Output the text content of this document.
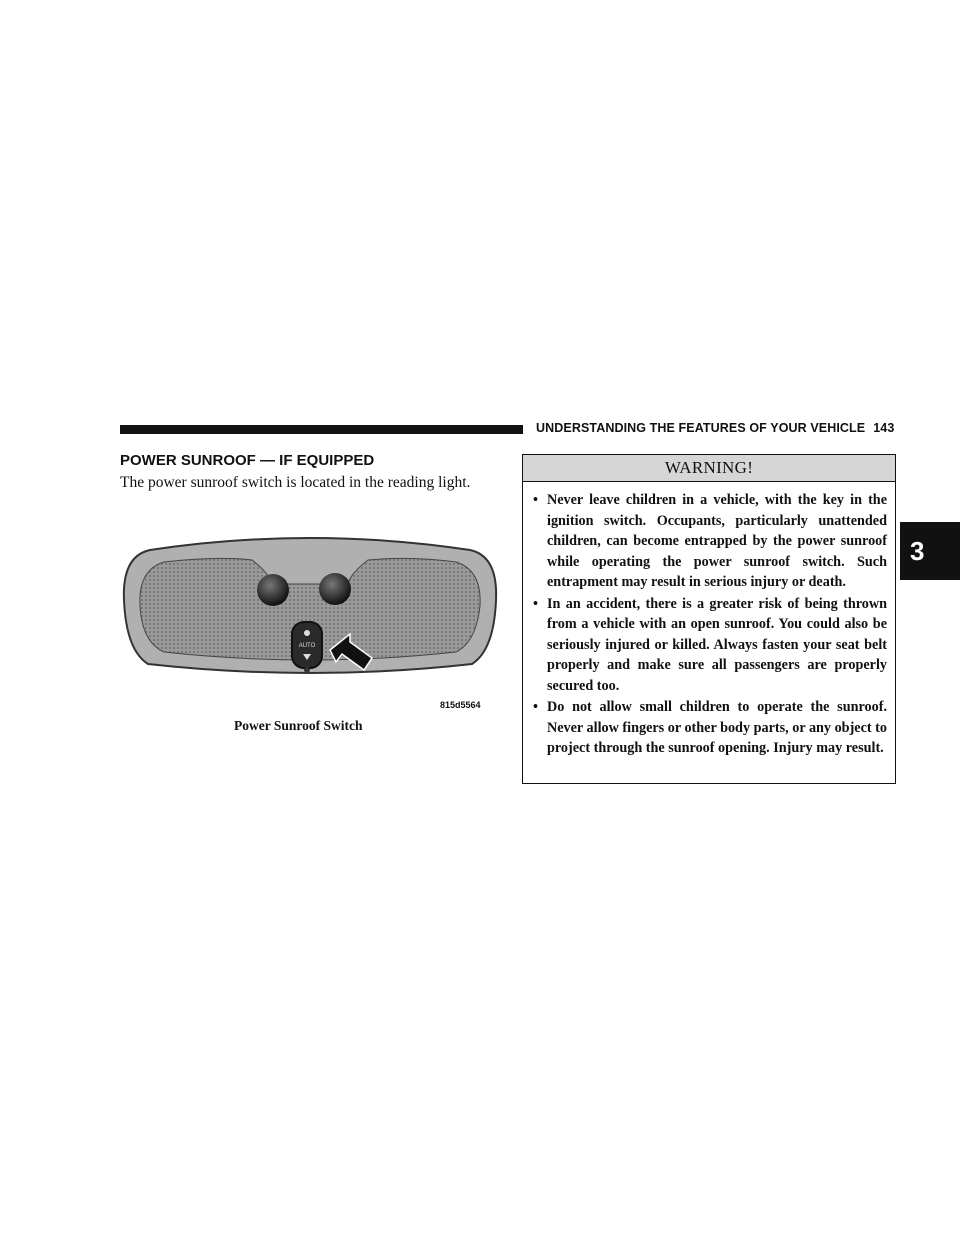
UNDERSTANDING THE FEATURES OF YOUR VEHICLE 143
3
POWER SUNROOF — IF EQUIPPED
The power sunroof switch is located in the reading light.
AUTO
815d5564
Power Sunroof Switch
WARNING!
• Never leave children in a vehicle, with the key in the ignition switch. Occupants, particularly unattended children, can become entrapped by the power sunroof while operating the power sunroof switch. Such entrapment may result in serious injury or death.
• In an accident, there is a greater risk of being thrown from a vehicle with an open sunroof. You could also be seriously injured or killed. Always fasten your seat belt properly and make sure all passengers are properly secured too.
• Do not allow small children to operate the sunroof. Never allow fingers or other body parts, or any object to project through the sunroof opening. Injury may result.
